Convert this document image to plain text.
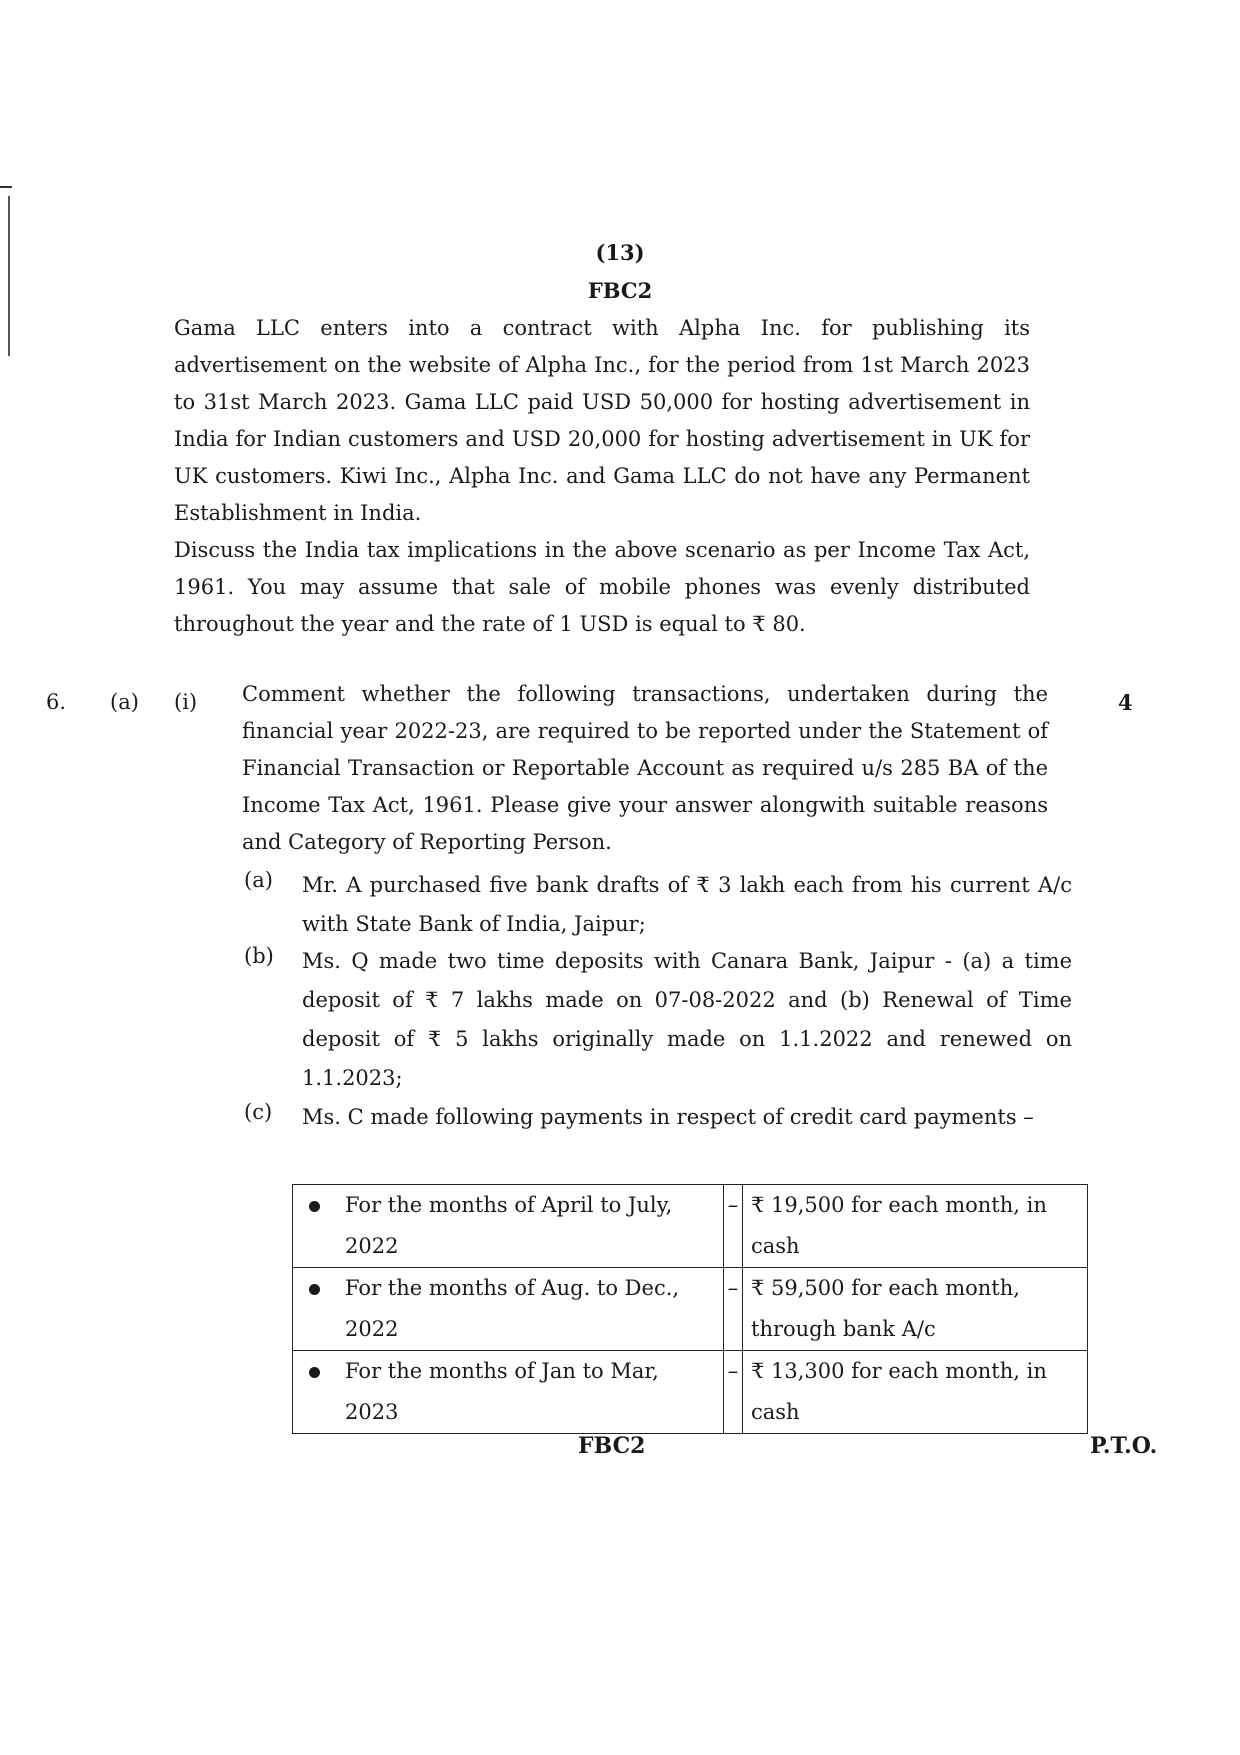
(13)
FBC2

Gama LLC enters into a contract with Alpha Inc. for publishing its advertisement on the website of Alpha Inc., for the period from 1st March 2023 to 31st March 2023. Gama LLC paid USD 50,000 for hosting advertisement in India for Indian customers and USD 20,000 for hosting advertisement in UK for UK customers. Kiwi Inc., Alpha Inc. and Gama LLC do not have any Permanent Establishment in India.

Discuss the India tax implications in the above scenario as per Income Tax Act, 1961. You may assume that sale of mobile phones was evenly distributed throughout the year and the rate of 1 USD is equal to ₹ 80.

6. (a) (i)	4

Comment whether the following transactions, undertaken during the financial year 2022-23, are required to be reported under the Statement of Financial Transaction or Reportable Account as required u/s 285 BA of the Income Tax Act, 1961. Please give your answer alongwith suitable reasons and Category of Reporting Person.

(a) Mr. A purchased five bank drafts of ₹ 3 lakh each from his current A/c with State Bank of India, Jaipur;

(b) Ms. Q made two time deposits with Canara Bank, Jaipur - (a) a time deposit of ₹ 7 lakhs made on 07-08-2022 and (b) Renewal of Time deposit of ₹ 5 lakhs originally made on 1.1.2022 and renewed on 1.1.2023;

(c) Ms. C made following payments in respect of credit card payments –

For the months of April to July, 2022	–	₹ 19,500 for each month, in cash

For the months of Aug. to Dec., 2022	–	₹ 59,500 for each month, through bank A/c

For the months of Jan to Mar, 2023	–	₹ 13,300 for each month, in cash
FBC2	P.T.O.
